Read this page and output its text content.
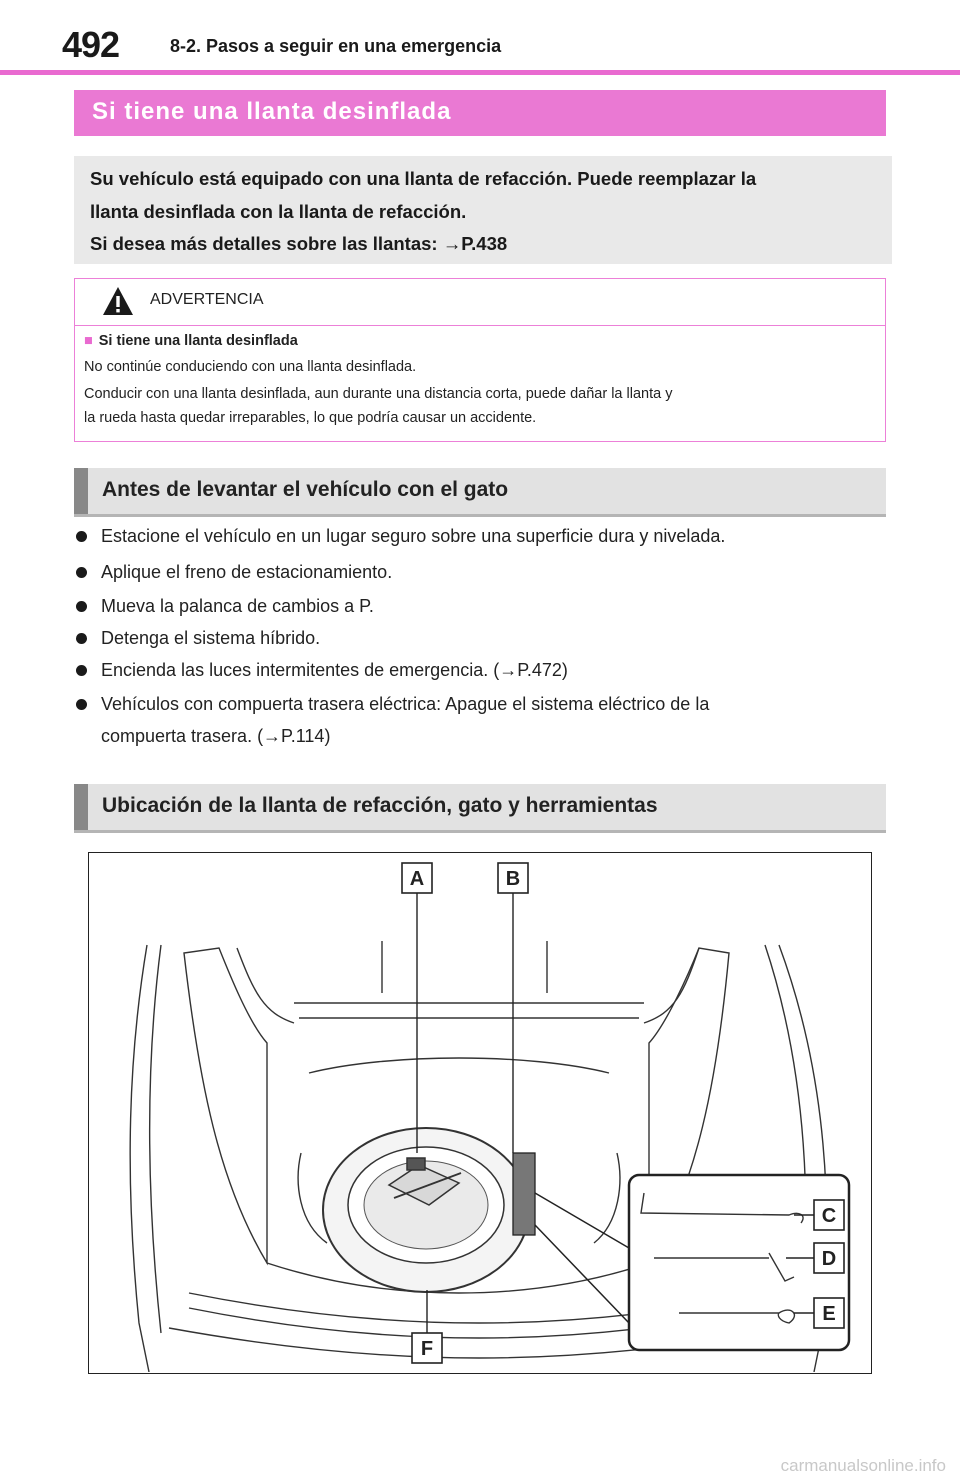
492	8-2. Pasos a seguir en una emergencia
Si tiene una llanta desinflada

Su vehículo está equipado con una llanta de refacción. Puede reemplazar la

llanta desinflada con la llanta de refacción.

Si desea más detalles sobre las llantas: →P.438

ADVERTENCIA
■ Si tiene una llanta desinflada

No continúe conduciendo con una llanta desinflada.

Conducir con una llanta desinflada, aun durante una distancia corta, puede dañar la llanta y

la rueda hasta quedar irreparables, lo que podría causar un accidente.

Antes de levantar el vehículo con el gato
Estacione el vehículo en un lugar seguro sobre una superficie dura y nivelada.
Aplique el freno de estacionamiento.
Mueva la palanca de cambios a P.
Detenga el sistema híbrido.
Encienda las luces intermitentes de emergencia. (→P.472)
Vehículos con compuerta trasera eléctrica: Apague el sistema eléctrico de la
compuerta trasera. (→P.114)
Ubicación de la llanta de refacción, gato y herramientas
A	B
C
D
E
F
carmanualsonline.info
